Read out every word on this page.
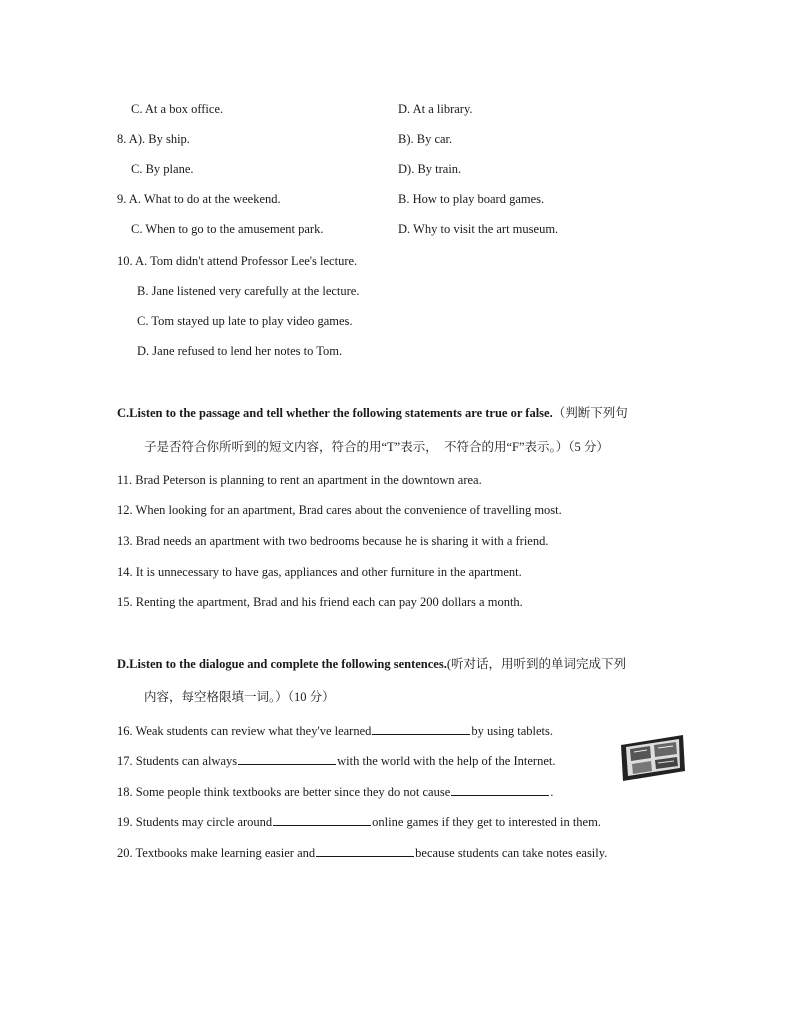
C. At a box office.	D. At a library.
8. A). By ship.	B). By car.
C. By plane.	D). By train.
9. A. What to do at the weekend.	B. How to play board games.
C. When to go to the amusement park.	D. Why to visit the art museum.
10. A. Tom didn't attend Professor Lee's lecture.
B. Jane listened very carefully at the lecture.
C. Tom stayed up late to play video games.
D. Jane refused to lend her notes to Tom.
C.Listen to the passage and tell whether the following statements are true or false.（判断下列句
子是否符合你所听到的短文内容，符合的用“T”表示，　不符合的用“F”表示。）（5 分）
11. Brad Peterson is planning to rent an apartment in the downtown area.
12. When looking for an apartment, Brad cares about the convenience of travelling most.
13. Brad needs an apartment with two bedrooms because he is sharing it with a friend.
14. It is unnecessary to have gas, appliances and other furniture in the apartment.
15. Renting the apartment, Brad and his friend each can pay 200 dollars a month.
D.Listen to the dialogue and complete the following sentences.(听对话，用听到的单词完成下列
内容，每空格限填一词。）（10 分）
16. Weak students can review what they've learned	by using tablets.
17. Students can always	with the world with the help of the Internet.
18. Some people think textbooks are better since they do not cause	.
19. Students may circle around	online games if they get to interested in them.
20. Textbooks make learning easier and	because students can take notes easily.
